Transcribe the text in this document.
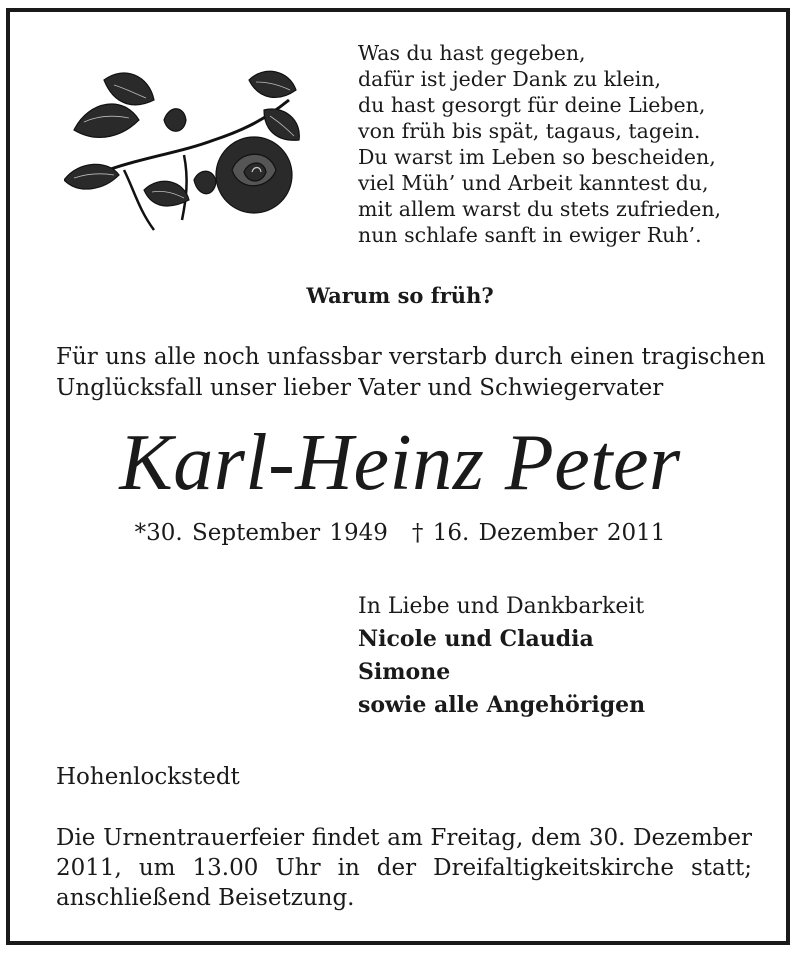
Was du hast gegeben,
dafür ist jeder Dank zu klein,
du hast gesorgt für deine Lieben,
von früh bis spät, tagaus, tagein.
Du warst im Leben so bescheiden,
viel Müh’ und Arbeit kanntest du,
mit allem warst du stets zufrieden,
nun schlafe sanft in ewiger Ruh’.
Warum so früh?
Für uns alle noch unfassbar verstarb durch einen tragischen
Unglücksfall unser lieber Vater und Schwiegervater
Karl-Heinz Peter
*30. September 1949 † 16. Dezember 2011
In Liebe und Dankbarkeit
Nicole und Claudia
Simone
sowie alle Angehörigen
Hohenlockstedt
Die Urnentrauerfeier findet am Freitag, dem 30. Dezember 2011, um 13.00 Uhr in der Dreifaltigkeitskirche statt; anschließend Beisetzung.
